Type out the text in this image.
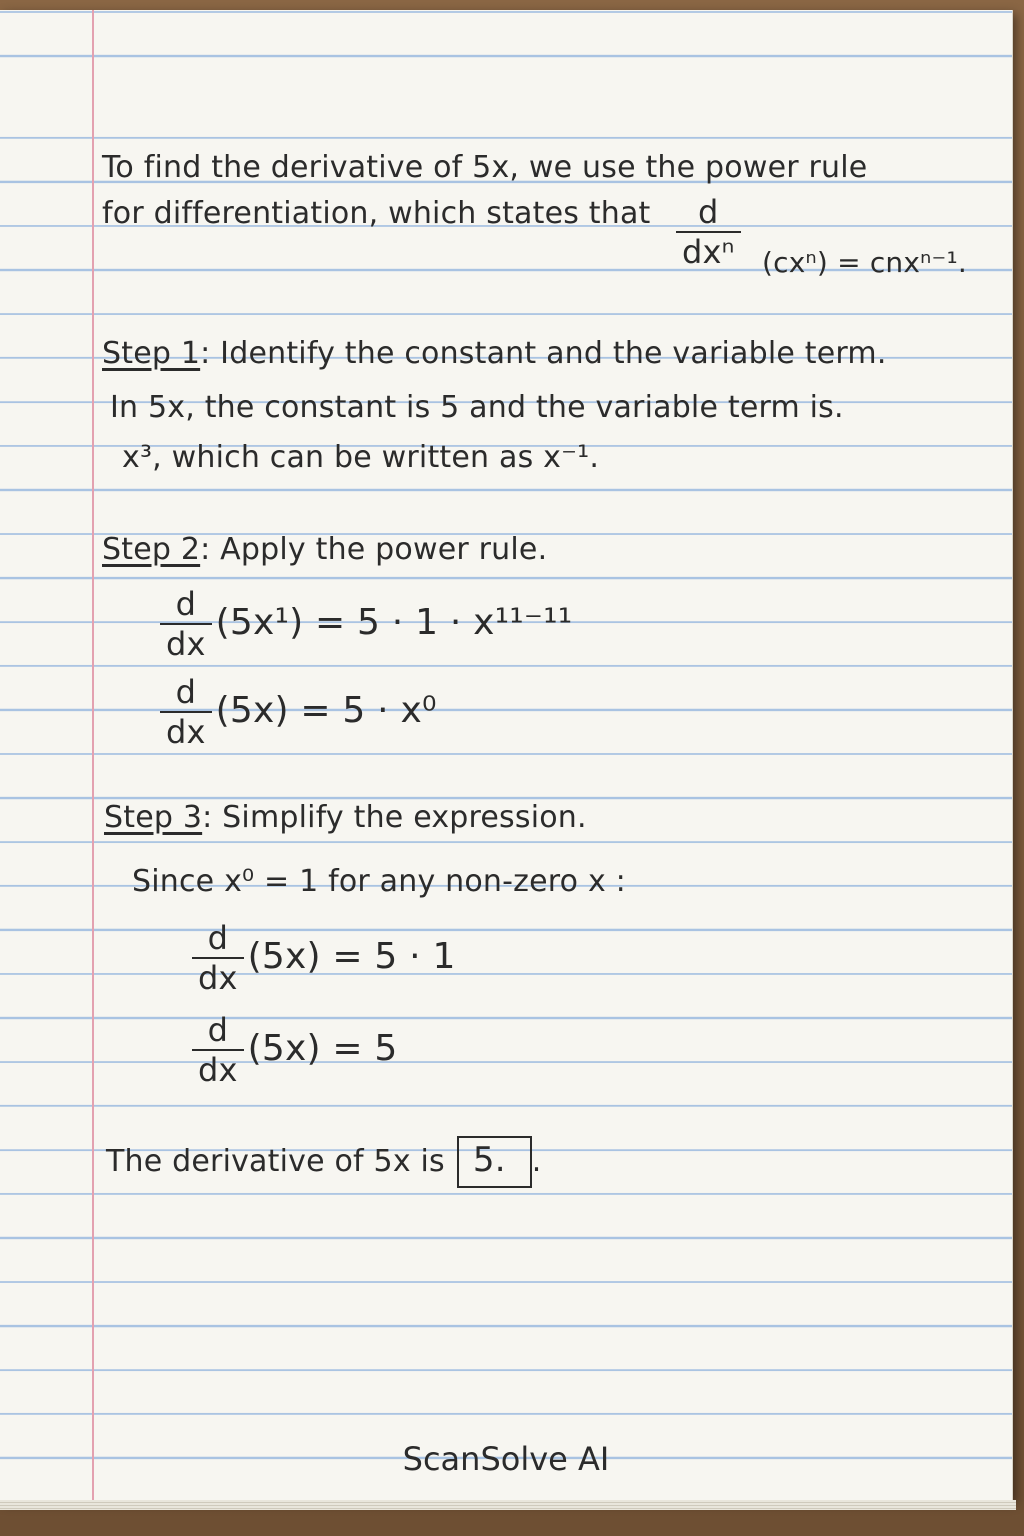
To find the derivative of 5x, we use the power rule
for differentiation, which states that $\frac{d}{\text{dxⁿ}} (cx^n) = cnx^{n-1}$.
Step 1: Identify the constant and the variable term.
In 5x, the constant is 5 and the variable term is.
x³, which can be written as x⁻¹.
Step 2: Apply the power rule.
$\frac{d}{dx} (5x^1) = 5 \cdot 1 \cdot x^{11-11}$
$\frac{d}{dx} (5x) = 5 \cdot x^0$
Step 3: Simplify the expression.
Since x⁰ = 1 for any non-zero x :
$\frac{d}{dx} (5x) = 5 \cdot 1$
$\frac{d}{dx} (5x) = 5$
The derivative of 5x is 5. .
ScanSolve AI
